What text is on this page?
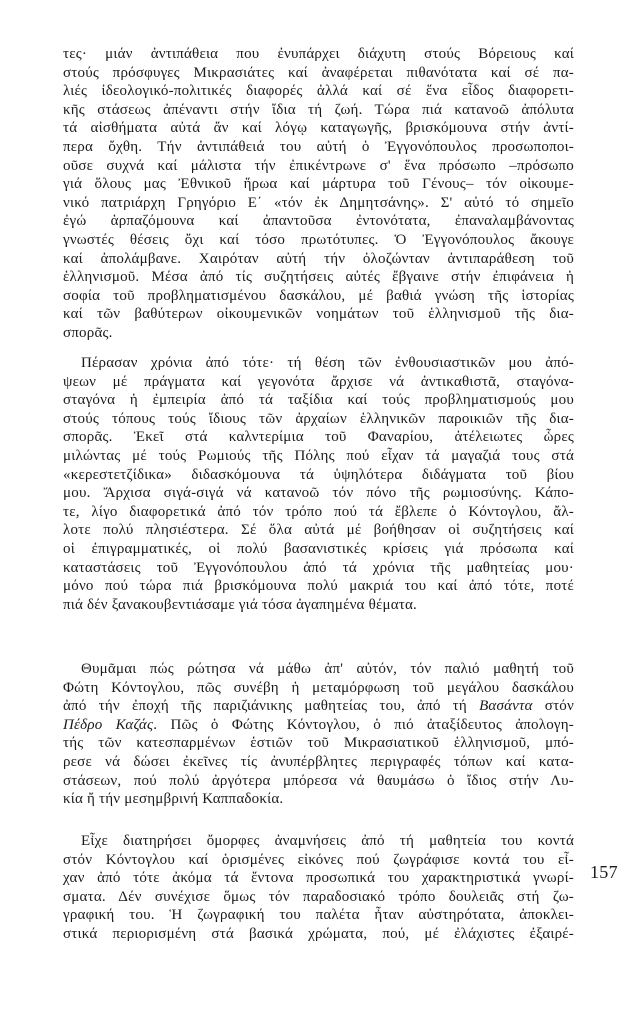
τες· μιάν ἀντιπάθεια που ἐνυπάρχει διάχυτη στούς Βόρειους καί
στούς πρόσφυγες Μικρασιάτες καί ἀναφέρεται πιθανότατα καί σέ πα-
λιές ἰδεολογικό-πολιτικές διαφορές ἀλλά καί σέ ἕνα εἶδος διαφορετι-
κῆς στάσεως ἀπέναντι στήν ἴδια τή ζωή. Τώρα πιά κατανοῶ ἀπόλυτα
τά αἰσθήματα αὐτά ἄν καί λόγῳ καταγωγῆς, βρισκόμουνα στήν ἀντί-
περα ὄχθη. Τήν ἀντιπάθειά του αὐτή ὁ Ἐγγονόπουλος προσωποποι-
οῦσε συχνά καί μάλιστα τήν ἐπικέντρωνε σ' ἕνα πρόσωπο –πρόσωπο
γιά ὅλους μας Ἐθνικοῦ ἥρωα καί μάρτυρα τοῦ Γένους– τόν οἰκουμε-
νικό πατριάρχη Γρηγόριο Ε΄ «τόν ἐκ Δημητσάνης». Σ' αὐτό τό σημεῖο
ἐγώ ἁρπαζόμουνα καί ἀπαντοῦσα ἐντονότατα, ἐπαναλαμβάνοντας
γνωστές θέσεις ὄχι καί τόσο πρωτότυπες. Ὁ Ἐγγονόπουλος ἄκουγε
καί ἀπολάμβανε. Χαιρόταν αὐτή τήν ὀλοζώνταν ἀντιπαράθεση τοῦ
ἑλληνισμοῦ. Μέσα ἀπό τίς συζητήσεις αὐτές ἔβγαινε στήν ἐπιφάνεια ἡ
σοφία τοῦ προβληματισμένου δασκάλου, μέ βαθιά γνώση τῆς ἱστορίας
καί τῶν βαθύτερων οἰκουμενικῶν νοημάτων τοῦ ἑλληνισμοῦ τῆς δια-
σπορᾶς.
Πέρασαν χρόνια ἀπό τότε· τή θέση τῶν ἐνθουσιαστικῶν μου ἀπό-
ψεων μέ πράγματα καί γεγονότα ἄρχισε νά ἀντικαθιστᾶ, σταγόνα-
σταγόνα ἡ ἐμπειρία ἀπό τά ταξίδια καί τούς προβληματισμούς μου
στούς τόπους τούς ἴδιους τῶν ἀρχαίων ἑλληνικῶν παροικιῶν τῆς δια-
σπορᾶς. Ἐκεῖ στά καλντερίμια τοῦ Φαναρίου, ἀτέλειωτες ὧρες
μιλώντας μέ τούς Ρωμιούς τῆς Πόλης πού εἶχαν τά μαγαζιά τους στά
«κερεστετζίδικα» διδασκόμουνα τά ὑψηλότερα διδάγματα τοῦ βίου
μου. Ἄρχισα σιγά-σιγά νά κατανοῶ τόν πόνο τῆς ρωμιοσύνης. Κάπο-
τε, λίγο διαφορετικά ἀπό τόν τρόπο πού τά ἔβλεπε ὁ Κόντογλου, ἄλ-
λοτε πολύ πλησιέστερα. Σέ ὅλα αὐτά μέ βοήθησαν οἱ συζητήσεις καί
οἱ ἐπιγραμματικές, οἱ πολύ βασανιστικές κρίσεις γιά πρόσωπα καί
καταστάσεις τοῦ Ἐγγονόπουλου ἀπό τά χρόνια τῆς μαθητείας μου·
μόνο πού τώρα πιά βρισκόμουνα πολύ μακριά του καί ἀπό τότε, ποτέ
πιά δέν ξανακουβεντιάσαμε γιά τόσα ἀγαπημένα θέματα.
Θυμᾶμαι πώς ρώτησα νά μάθω ἀπ' αὐτόν, τόν παλιό μαθητή τοῦ
Φώτη Κόντογλου, πῶς συνέβη ἡ μεταμόρφωση τοῦ μεγάλου δασκάλου
ἀπό τήν ἐποχή τῆς παριζιάνικης μαθητείας του, ἀπό τή Βασάντα στόν
Πέδρο Καζάς. Πῶς ὁ Φώτης Κόντογλου, ὁ πιό ἀταξίδευτος ἀπολογη-
τής τῶν κατεσπαρμένων ἑστιῶν τοῦ Μικρασιατικοῦ ἑλληνισμοῦ, μπό-
ρεσε νά δώσει ἐκεῖνες τίς ἀνυπέρβλητες περιγραφές τόπων καί κατα-
στάσεων, πού πολύ ἀργότερα μπόρεσα νά θαυμάσω ὁ ἴδιος στήν Λυ-
κία ἤ τήν μεσημβρινή Καππαδοκία.
Εἶχε διατηρήσει ὄμορφες ἀναμνήσεις ἀπό τή μαθητεία του κοντά
στόν Κόντογλου καί ὁρισμένες εἰκόνες πού ζωγράφισε κοντά του εἶ-
χαν ἀπό τότε ἀκόμα τά ἔντονα προσωπικά του χαρακτηριστικά γνωρί-
σματα. Δέν συνέχισε ὅμως τόν παραδοσιακό τρόπο δουλειᾶς στή ζω-
γραφική του. Ἡ ζωγραφική του παλέτα ἦταν αὐστηρότατα, ἀποκλει-
στικά περιορισμένη στά βασικά χρώματα, πού, μέ ἐλάχιστες ἐξαιρέ-
157
